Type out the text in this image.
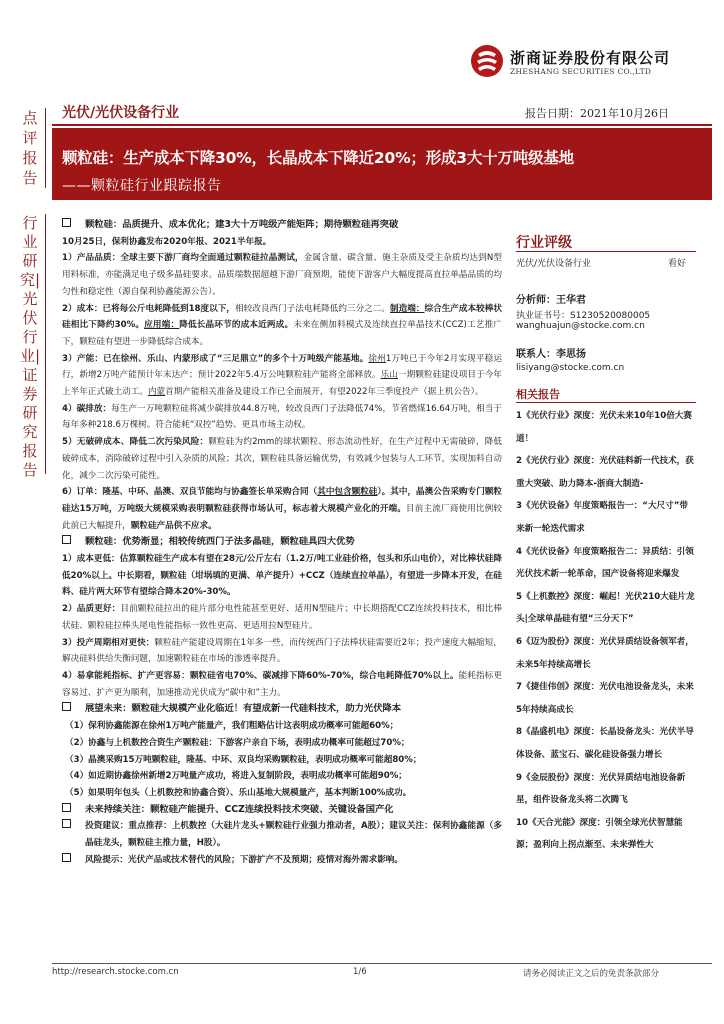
浙商证券股份有限公司
ZHESHANG SECURITIES CO.,LTD
点评报告
行业研究|光伏行业|证券研究报告
光伏/光伏设备行业	报告日期：2021年10月26日
颗粒硅：生产成本下降30%，长晶成本下降近20%；形成3大十万吨级基地
——颗粒硅行业跟踪报告

颗粒硅：品质提升、成本优化；建3大十万吨级产能矩阵；期待颗粒硅再突破

10月25日，保利协鑫发布2020年报、2021半年报。

1）产品品质：全球主要下游厂商均全面通过颗粒硅拉晶测试，金属含量、碳含量、施主杂质及受主杂质均达到N型用料标准，亦能满足电子级多晶硅要求。品质端数据超越下游厂商预期，能使下游客户大幅度提高直拉单晶品质的均匀性和稳定性（源自保利协鑫能源公告）。

2）成本：已将每公斤电耗降低到18度以下，相较改良西门子法电耗降低约三分之二。制造端：综合生产成本较棒状硅相比下降约30%。应用端：降低长晶环节的成本近两成。未来在侧加料模式及连续直拉单晶技术(CCZ)工艺推广下，颗粒硅有望进一步降低综合成本。

3）产能：已在徐州、乐山、内蒙形成了“三足鼎立”的多个十万吨级产能基地。徐州1万吨已于今年2月实现平稳运行，新增2万吨产能预计年末达产；预计2022年5.4万公吨颗粒硅产能将全部释放。乐山一期颗粒硅建设项目于今年上半年正式破土动工。内蒙首期产能相关准备及建设工作已全面展开，有望2022年三季度投产（据上机公告）。

4）碳排放：每生产一万吨颗粒硅将减少碳排放44.8万吨，较改良西门子法降低74%，节省燃煤16.64万吨，相当于每年多种218.6万棵树。符合能耗“双控”趋势、更具市场主动权。

5）无破碎成本、降低二次污染风险：颗粒硅为约2mm的球状颗粒、形态流动性好，在生产过程中无需破碎，降低破碎成本，消除破碎过程中引入杂质的风险；其次，颗粒硅具备运输优势，有效减少包装与人工环节，实现加料自动化，减少二次污染可能性。

6）订单：隆基、中环、晶澳、双良节能均与协鑫签长单采购合同（其中包含颗粒硅）。其中，晶澳公告采购专门颗粒硅达15万吨，万吨级大规模采购表明颗粒硅获得市场认可，标志着大规模产业化的开端。目前主流厂商使用比例较此前已大幅提升，颗粒硅产品供不应求。

颗粒硅：优势渐显；相较传统西门子法多晶硅，颗粒硅具四大优势

1）成本更低：估算颗粒硅生产成本有望在28元/公斤左右（1.2万/吨工业硅价格，包头和乐山电价），对比棒状硅降低20%以上。中长期看，颗粒硅（坩埚填的更满、单产提升）+CCZ（连续直拉单晶），有望进一步降本开发，在硅料、硅片两大环节有望综合降本20%-30%。

2）品质更好：目前颗粒硅拉出的硅片部分电性能甚至更好、适用N型硅片；中长期搭配CCZ连续投料技术，相比棒状硅、颗粒硅拉棒头尾电性能指标一致性更高、更适用拉N型硅片。

3）投产周期相对更快：颗粒硅产能建设周期在1年多一些，而传统西门子法棒状硅需要近2年；投产速度大幅缩短，解决硅料供给失衡问题，加速颗粒硅在市场的渗透率提升。

4）易拿能耗指标、扩产更容易：颗粒硅省电70%、碳减排下降60%-70%，综合电耗降低70%以上。能耗指标更容易过、扩产更为顺利，加速推动光伏成为“碳中和”主力。

展望未来：颗粒硅大规模产业化临近！有望成新一代硅料技术，助力光伏降本

（1）保利协鑫能源在徐州1万吨产能量产，我们粗略估计这表明成功概率可能超60%；

（2）协鑫与上机数控合资生产颗粒硅：下游客户亲自下场，表明成功概率可能超过70%；

（3）晶澳采购15万吨颗粒硅，隆基、中环、双良均采购颗粒硅，表明成功概率可能超80%；

（4）如近期协鑫徐州新增2万吨量产成功，将进入复制阶段，表明成功概率可能超90%；

（5）如果明年包头（上机数控和协鑫合资）、乐山基地大规模量产，基本判断100%成功。

未来持续关注：颗粒硅产能提升、CCZ连续投料技术突破、关键设备国产化

投资建议：重点推荐：上机数控（大硅片龙头+颗粒硅行业强力推动者，A股）；建议关注：保利协鑫能源（多晶硅龙头，颗粒硅主推力量，H股）。

风险提示：光伏产品或技术替代的风险；下游扩产不及预期；疫情对海外需求影响。

行业评级
光伏/光伏设备行业	看好
分析师：王华君
执业证书号：S1230520080005
wanghuajun@stocke.com.cn
联系人：李思扬
lisiyang@stocke.com.cn
相关报告

1《光伏行业》深度：光伏未来10年10倍大赛道！

2《光伏行业》深度：光伏硅料新一代技术，获重大突破、助力降本-浙商大制造-

3《光伏设备》年度策略报告一：“大尺寸”带来新一轮迭代需求

4《光伏设备》年度策略报告二：异质结：引领光伏技术新一轮革命，国产设备将迎来爆发

5《上机数控》深度：崛起！光伏210大硅片龙头|全球单晶硅有望“三分天下”

6《迈为股份》深度：光伏异质结设备领军者，未来5年持续高增长

7《捷佳伟创》深度：光伏电池设备龙头，未来5年持续高成长

8《晶盛机电》深度：长晶设备龙头：光伏半导体设备、蓝宝石、碳化硅设备强力增长

9《金辰股份》深度：光伏异质结电池设备新星，组件设备龙头将二次腾飞

10《天合光能》深度：引领全球光伏智慧能源；盈利向上拐点渐至、未来弹性大

http://research.stocke.com.cn	1/6	请务必阅读正文之后的免责条款部分
